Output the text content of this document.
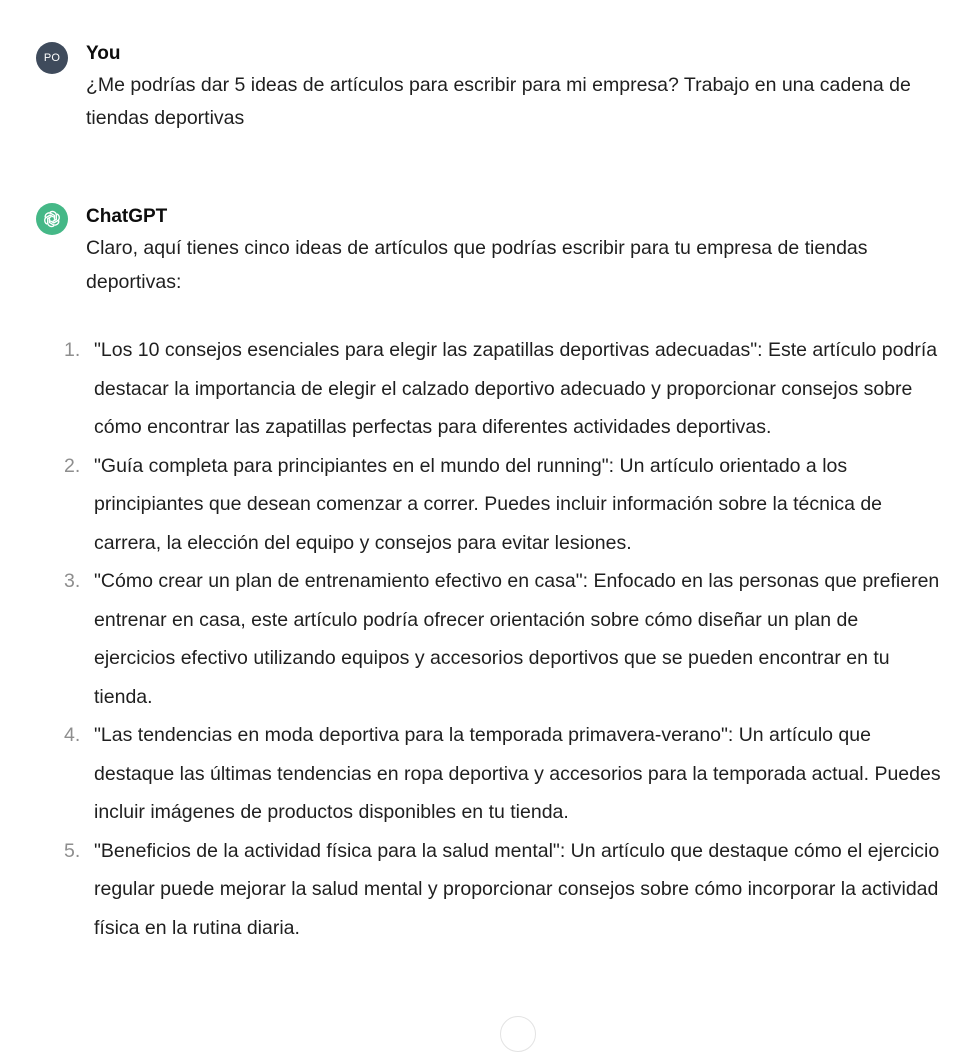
PO You
¿Me podrías dar 5 ideas de artículos para escribir para mi empresa? Trabajo en una cadena de tiendas deportivas
ChatGPT
Claro, aquí tienes cinco ideas de artículos que podrías escribir para tu empresa de tiendas deportivas:
1. "Los 10 consejos esenciales para elegir las zapatillas deportivas adecuadas": Este artículo podría destacar la importancia de elegir el calzado deportivo adecuado y proporcionar consejos sobre cómo encontrar las zapatillas perfectas para diferentes actividades deportivas.
2. "Guía completa para principiantes en el mundo del running": Un artículo orientado a los principiantes que desean comenzar a correr. Puedes incluir información sobre la técnica de carrera, la elección del equipo y consejos para evitar lesiones.
3. "Cómo crear un plan de entrenamiento efectivo en casa": Enfocado en las personas que prefieren entrenar en casa, este artículo podría ofrecer orientación sobre cómo diseñar un plan de ejercicios efectivo utilizando equipos y accesorios deportivos que se pueden encontrar en tu tienda.
4. "Las tendencias en moda deportiva para la temporada primavera-verano": Un artículo que destaque las últimas tendencias en ropa deportiva y accesorios para la temporada actual. Puedes incluir imágenes de productos disponibles en tu tienda.
5. "Beneficios de la actividad física para la salud mental": Un artículo que destaque cómo el ejercicio regular puede mejorar la salud mental y proporcionar consejos sobre cómo incorporar la actividad física en la rutina diaria.
